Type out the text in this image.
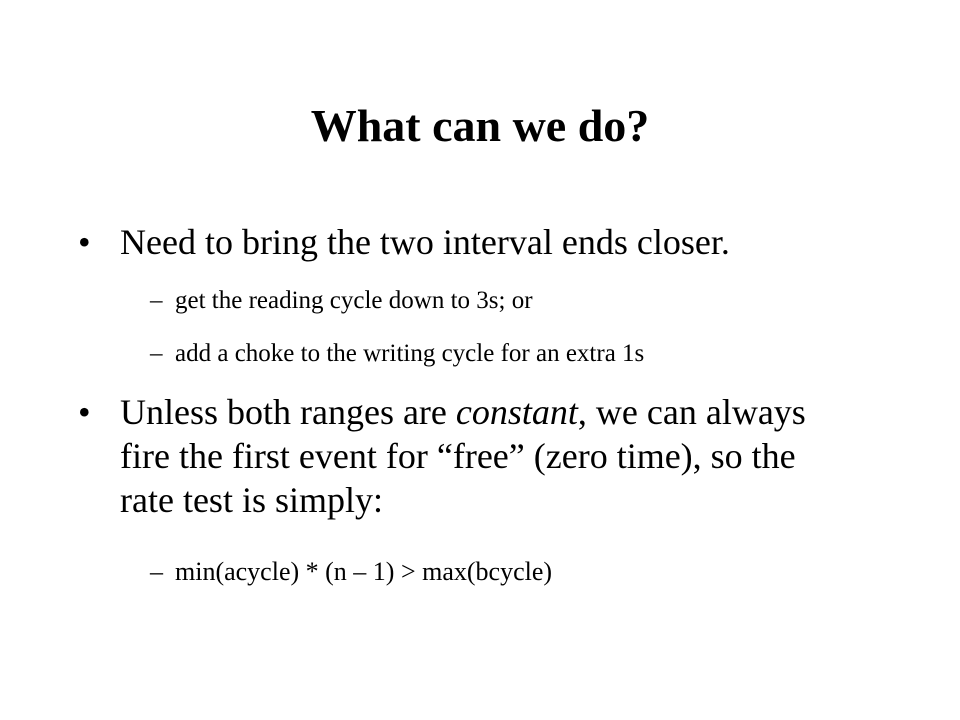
What can we do?
• Need to bring the two interval ends closer.
– get the reading cycle down to 3s; or
– add a choke to the writing cycle for an extra 1s
• Unless both ranges are constant, we can always fire the first event for “free” (zero time), so the rate test is simply:
– min(acycle) * (n – 1) > max(bcycle)
